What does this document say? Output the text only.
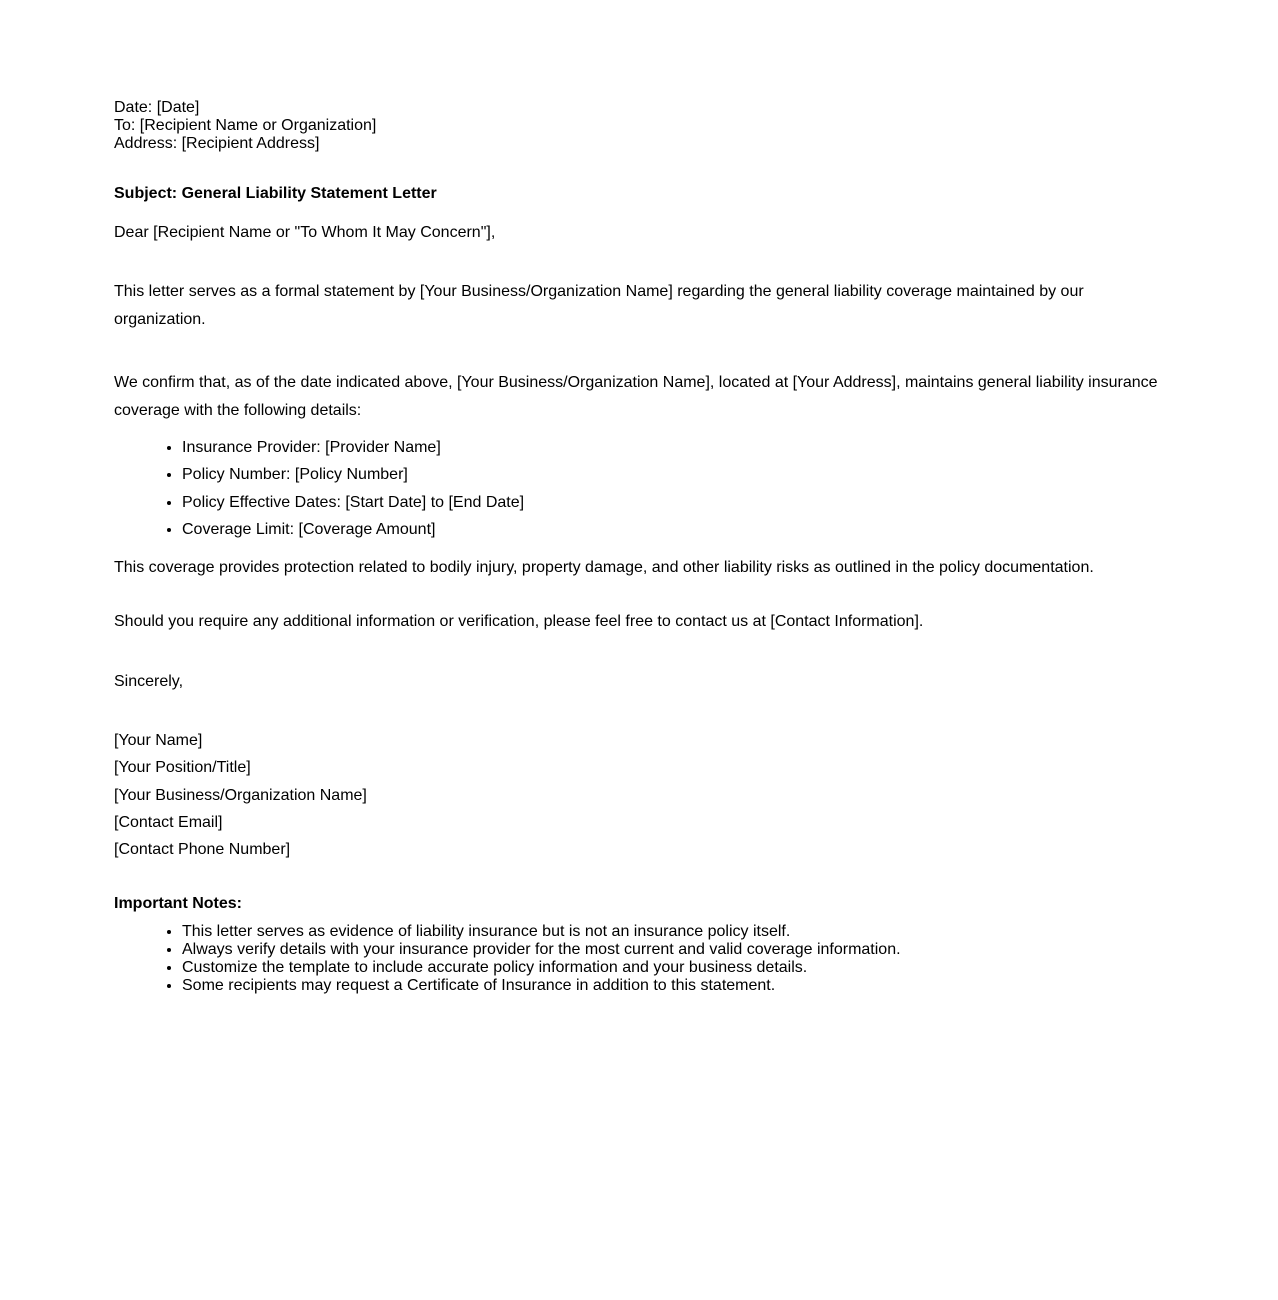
Date: [Date]
To: [Recipient Name or Organization]
Address: [Recipient Address]
Subject: General Liability Statement Letter
Dear [Recipient Name or "To Whom It May Concern"],
This letter serves as a formal statement by [Your Business/Organization Name] regarding the general liability coverage maintained by our organization.
We confirm that, as of the date indicated above, [Your Business/Organization Name], located at [Your Address], maintains general liability insurance coverage with the following details:
• Insurance Provider: [Provider Name]
• Policy Number: [Policy Number]
• Policy Effective Dates: [Start Date] to [End Date]
• Coverage Limit: [Coverage Amount]
This coverage provides protection related to bodily injury, property damage, and other liability risks as outlined in the policy documentation.
Should you require any additional information or verification, please feel free to contact us at [Contact Information].
Sincerely,
[Your Name]
[Your Position/Title]
[Your Business/Organization Name]
[Contact Email]
[Contact Phone Number]
Important Notes:
• This letter serves as evidence of liability insurance but is not an insurance policy itself.
• Always verify details with your insurance provider for the most current and valid coverage information.
• Customize the template to include accurate policy information and your business details.
• Some recipients may request a Certificate of Insurance in addition to this statement.
